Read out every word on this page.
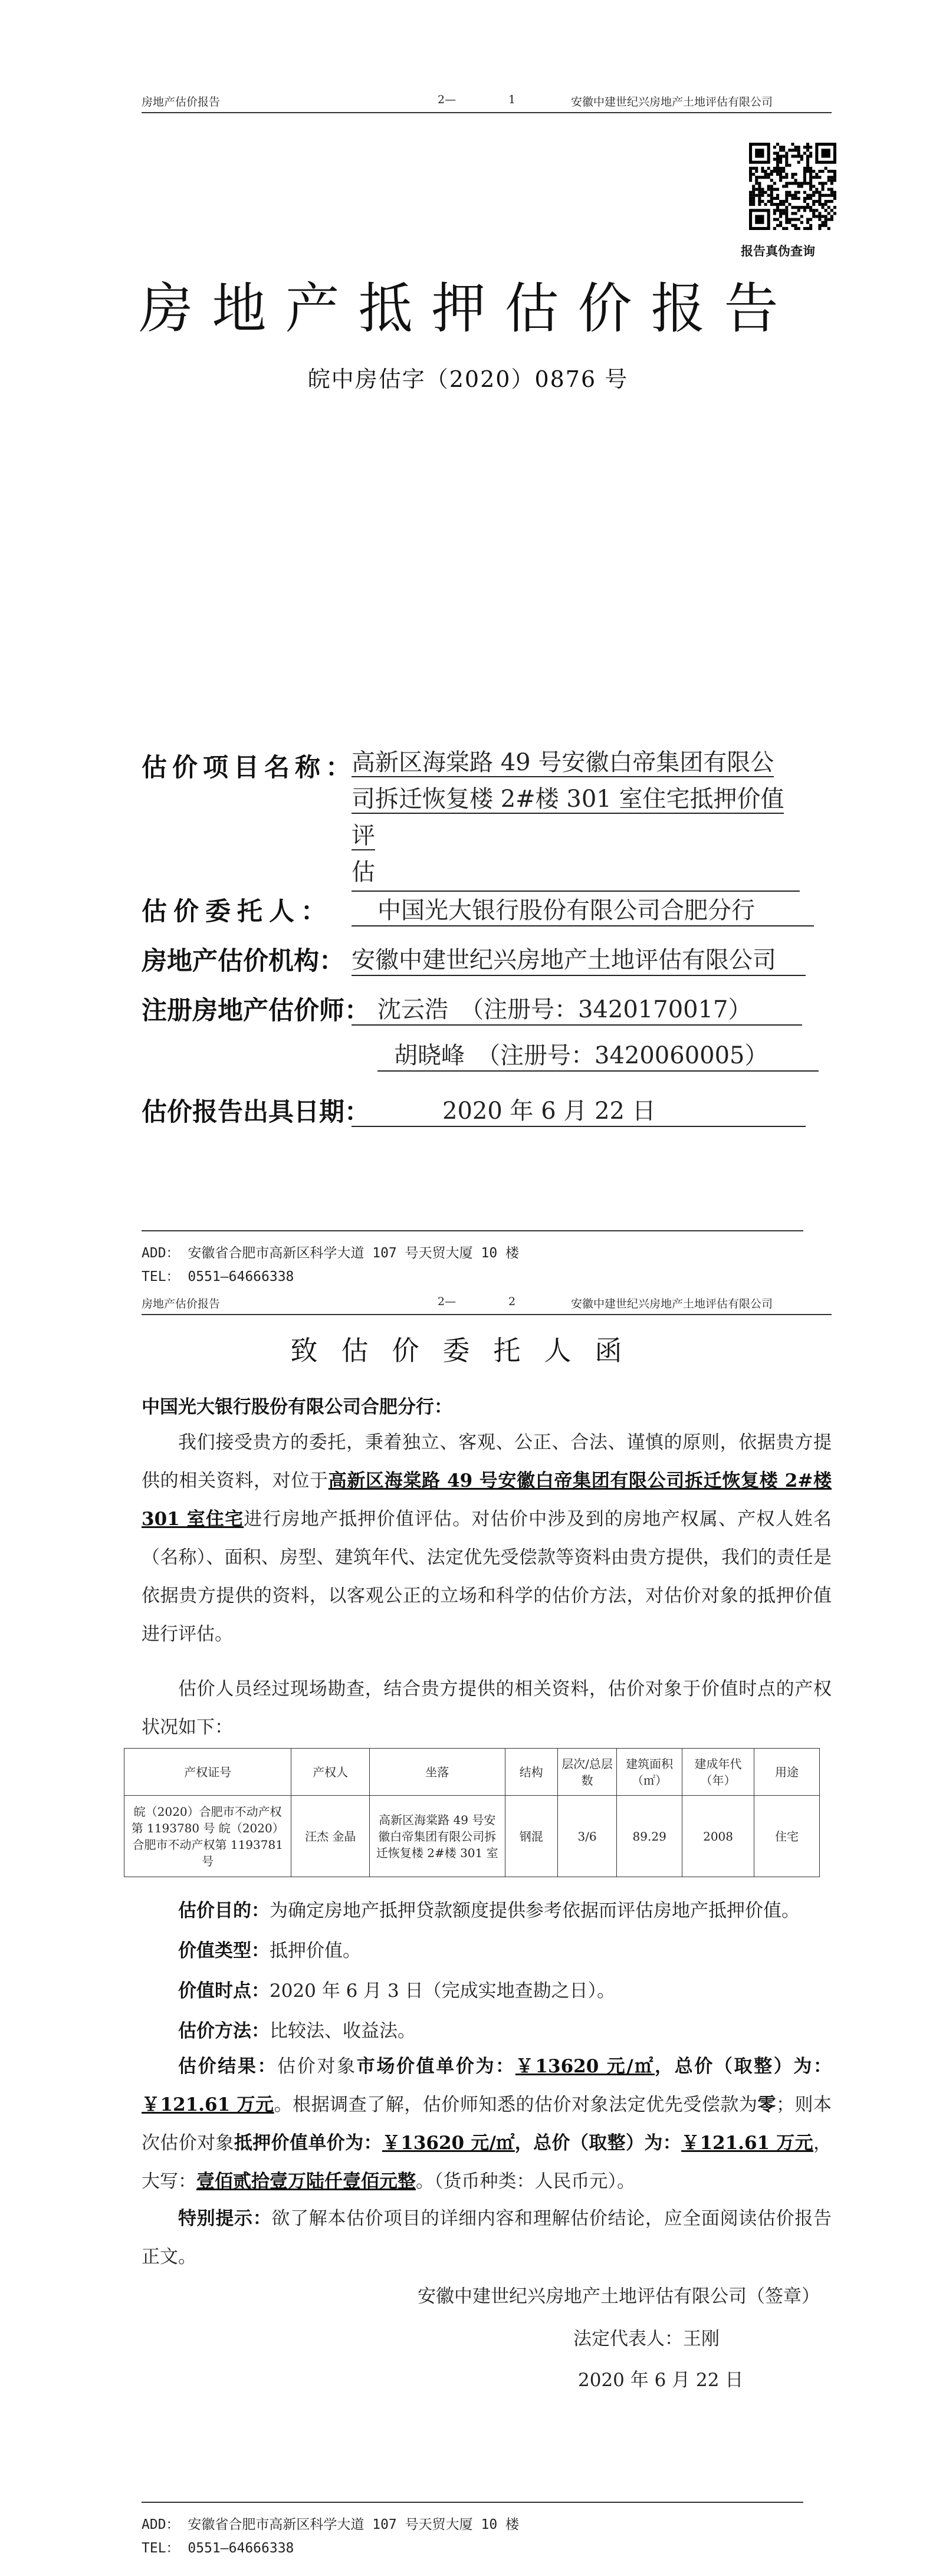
房地产估价报告	2—	1	安徽中建世纪兴房地产土地评估有限公司
报告真伪查询
房地产抵押估价报告
皖中房估字（2020）0876 号
估价项目名称：
高新区海棠路 49 号安徽白帝集团有限公
司拆迁恢复楼 2#楼 301 室住宅抵押价值评
估
估价委托人：	中国光大银行股份有限公司合肥分行
房地产估价机构： 安徽中建世纪兴房地产土地评估有限公司
注册房地产估价师： 沈云浩　（注册号：3420170017）
胡晓峰　（注册号：3420060005）
估价报告出具日期：	2020 年 6 月 22 日
ADD： 安徽省合肥市高新区科学大道 107 号天贸大厦 10 楼
TEL： 0551—64666338
房地产估价报告	2—	2	安徽中建世纪兴房地产土地评估有限公司
致估价委托人函
中国光大银行股份有限公司合肥分行：
我们接受贵方的委托，秉着独立、客观、公正、合法、谨慎的原则，依据贵方提供的相关资料，对位于高新区海棠路 49 号安徽白帝集团有限公司拆迁恢复楼 2#楼 301 室住宅进行房地产抵押价值评估。对估价中涉及到的房地产权属、产权人姓名（名称）、面积、房型、建筑年代、法定优先受偿款等资料由贵方提供，我们的责任是依据贵方提供的资料，以客观公正的立场和科学的估价方法，对估价对象的抵押价值进行评估。
估价人员经过现场勘查，结合贵方提供的相关资料，估价对象于价值时点的产权状况如下：
产权证号	产权人	坐落	结构	层次/总层数	建筑面积（㎡）	建成年代（年）	用途
皖（2020）合肥市不动产权第 1193780 号 皖（2020）合肥市不动产权第 1193781 号	汪杰 金晶	高新区海棠路 49 号安徽白帝集团有限公司拆迁恢复楼 2#楼 301 室	钢混	3/6	89.29	2008	住宅
估价目的：为确定房地产抵押贷款额度提供参考依据而评估房地产抵押价值。
价值类型：抵押价值。
价值时点：2020 年 6 月 3 日（完成实地查勘之日）。
估价方法：比较法、收益法。
估价结果：估价对象市场价值单价为：￥13620 元/㎡，总价（取整）为：￥121.61 万元。根据调查了解，估价师知悉的估价对象法定优先受偿款为零；则本次估价对象抵押价值单价为：￥13620 元/㎡，总价（取整）为：￥121.61 万元，大写：壹佰贰拾壹万陆仟壹佰元整。（货币种类：人民币元）。
特别提示：欲了解本估价项目的详细内容和理解估价结论，应全面阅读估价报告正文。
安徽中建世纪兴房地产土地评估有限公司（签章）
法定代表人：王刚
2020 年 6 月 22 日
ADD： 安徽省合肥市高新区科学大道 107 号天贸大厦 10 楼
TEL： 0551—64666338
